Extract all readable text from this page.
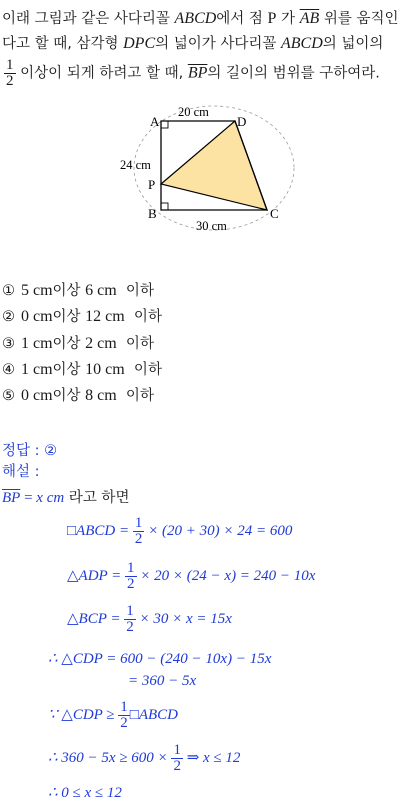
이래 그림과 같은 사다리꼴 ABCD에서 점 P 가 $\overline{AB}$ 위를 움직인
다고 할 때, 삼각형 DPC의 넓이가 사다리꼴 ABCD의 넓이의
$\frac{1}{2}$ 이상이 되게 하려고 할 때, $\overline{BP}$의 길이의 범위를 구하여라.
A	D
P
B	C
20 cm
24 cm
30 cm
① 5 cm이상 6 cm  이하
② 0 cm이상 12 cm  이하
③ 1 cm이상 2 cm  이하
④ 1 cm이상 10 cm  이하
⑤ 0 cm이상 8 cm  이하
정답 : ②
해설 :
$\overline{BP} = x$ cm 라고 하면
□ABCD = $\frac{1}{2} \times (20 + 30) \times 24 = 600$
△ADP = $\frac{1}{2} \times 20 \times (24 - x) = 240 - 10x$
△BCP = $\frac{1}{2} \times 30 \times x = 15x$
∴ △CDP = 600 − (240 − 10x) − 15x
= 360 − 5x
∵ △CDP ≥ $\frac{1}{2}$ □ABCD
∴ $360 - 5x \ge 600 \times \frac{1}{2}$ ⇒ x ≤ 12
∴ 0 ≤ x ≤ 12
